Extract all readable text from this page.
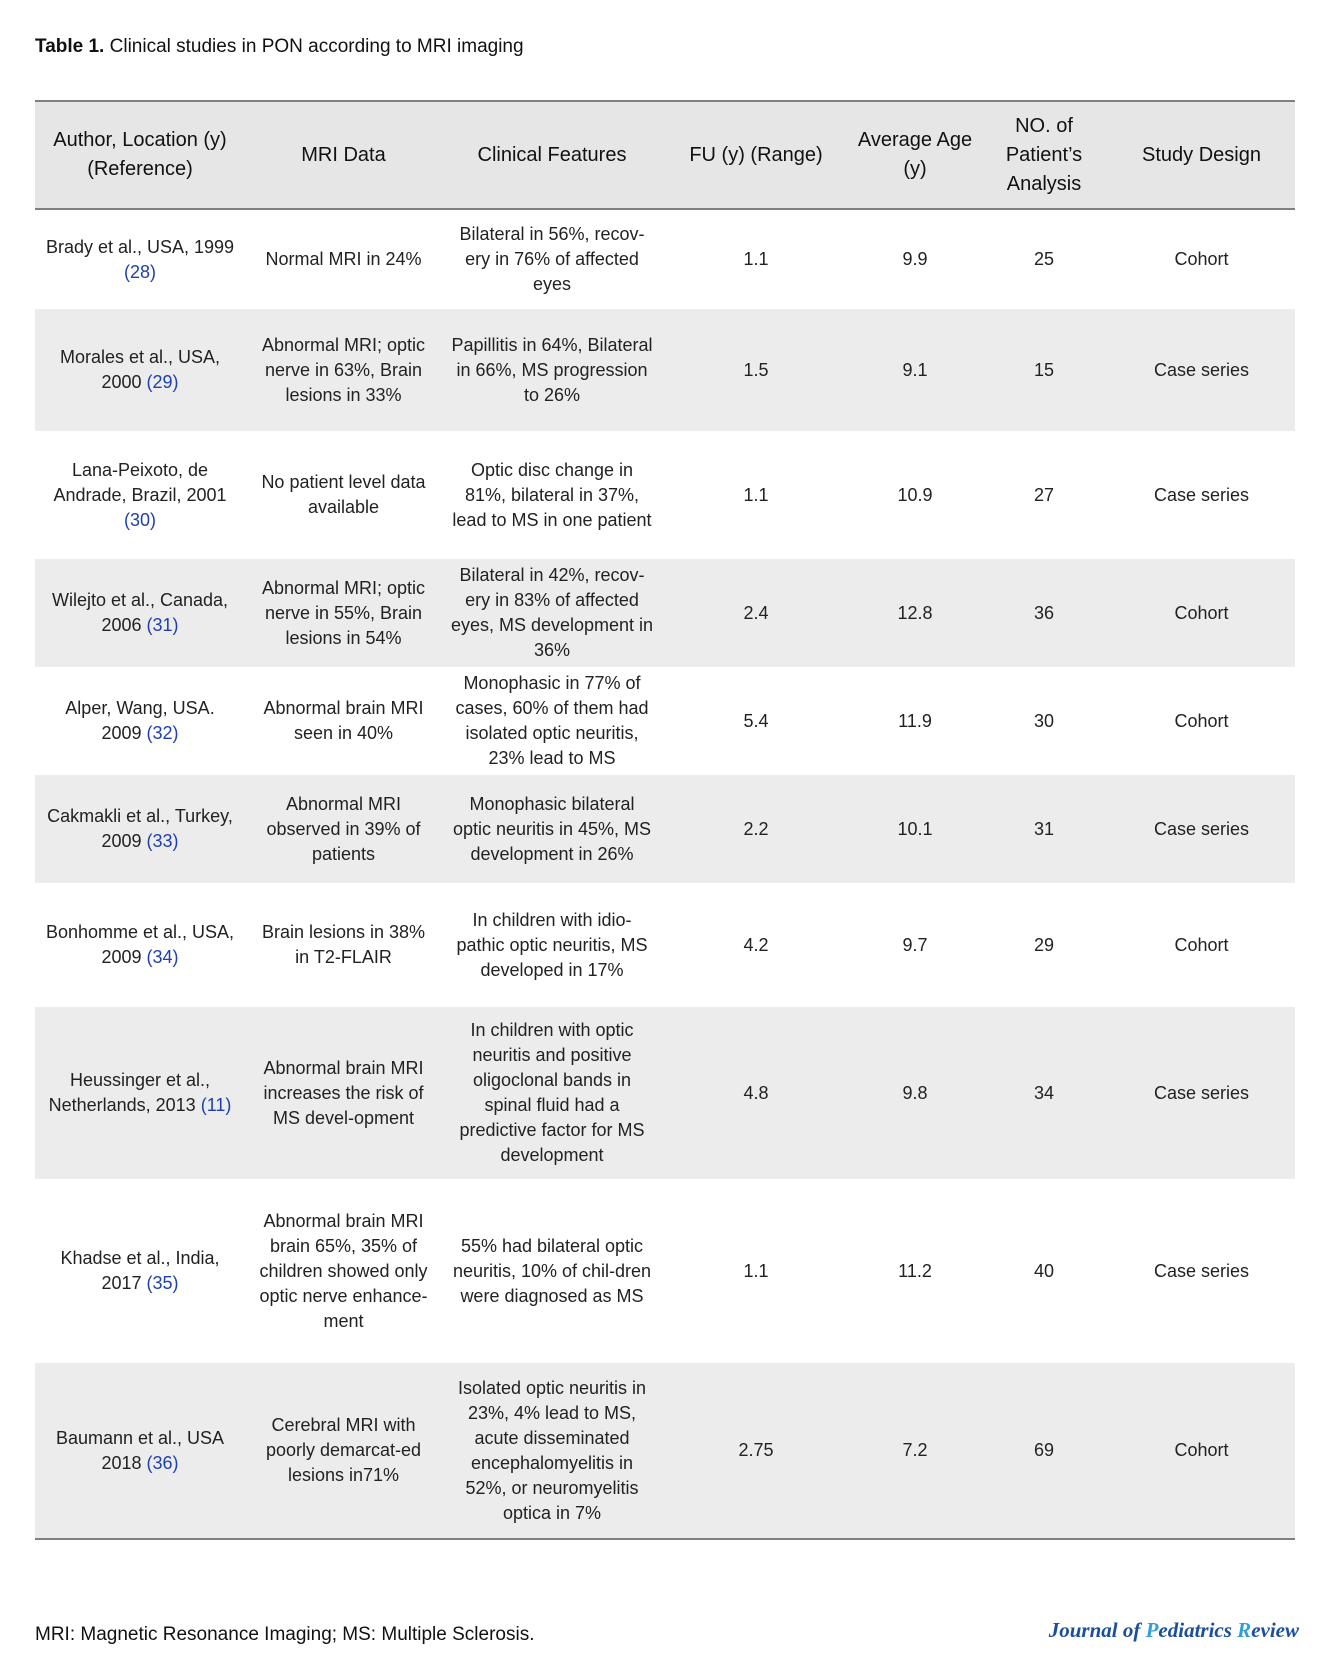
Table 1. Clinical studies in PON according to MRI imaging
Author, Location (y) (Reference)	MRI Data	Clinical Features	FU (y) (Range)	Average Age (y)	NO. of Patient’s Analysis	Study Design
Brady et al., USA, 1999 (28)	Normal MRI in 24%	Bilateral in 56%, recov-ery in 76% of affected eyes	1.1	9.9	25	Cohort
Morales et al., USA, 2000 (29)	Abnormal MRI; optic nerve in 63%, Brain lesions in 33%	Papillitis in 64%, Bilateral in 66%, MS progression to 26%	1.5	9.1	15	Case series
Lana-Peixoto, de Andrade, Brazil, 2001 (30)	No patient level data available	Optic disc change in 81%, bilateral in 37%, lead to MS in one patient	1.1	10.9	27	Case series
Wilejto et al., Canada, 2006 (31)	Abnormal MRI; optic nerve in 55%, Brain lesions in 54%	Bilateral in 42%, recov-ery in 83% of affected eyes, MS development in 36%	2.4	12.8	36	Cohort
Alper, Wang, USA. 2009 (32)	Abnormal brain MRI seen in 40%	Monophasic in 77% of cases, 60% of them had isolated optic neuritis, 23% lead to MS	5.4	11.9	30	Cohort
Cakmakli et al., Turkey, 2009 (33)	Abnormal MRI observed in 39% of patients	Monophasic bilateral optic neuritis in 45%, MS development in 26%	2.2	10.1	31	Case series
Bonhomme et al., USA, 2009 (34)	Brain lesions in 38% in T2-FLAIR	In children with idio-pathic optic neuritis, MS developed in 17%	4.2	9.7	29	Cohort
Heussinger et al., Netherlands, 2013 (11)	Abnormal brain MRI increases the risk of MS devel-opment	In children with optic neuritis and positive oligoclonal bands in spinal fluid had a predictive factor for MS development	4.8	9.8	34	Case series
Khadse et al., India, 2017 (35)	Abnormal brain MRI brain 65%, 35% of children showed only optic nerve enhance-ment	55% had bilateral optic neuritis, 10% of chil-dren were diagnosed as MS	1.1	11.2	40	Case series
Baumann et al., USA 2018 (36)	Cerebral MRI with poorly demarcat-ed lesions in71%	Isolated optic neuritis in 23%, 4% lead to MS, acute disseminated encephalomyelitis in 52%, or neuromyelitis optica in 7%	2.75	7.2	69	Cohort
MRI: Magnetic Resonance Imaging; MS: Multiple Sclerosis.	Journal of Pediatrics Review
